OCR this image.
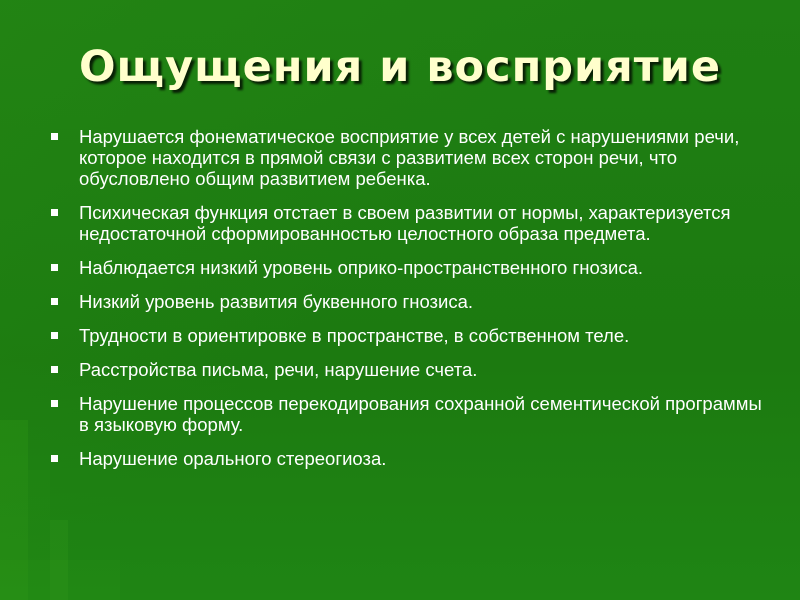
Ощущения и восприятие
Нарушается фонематическое восприятие у всех детей с нарушениями речи, которое находится в прямой связи с развитием всех сторон речи, что обусловлено общим развитием ребенка.
Психическая функция отстает в своем развитии от нормы, характеризуется недостаточной сформированностью целостного образа предмета.
Наблюдается низкий уровень оприко-пространственного гнозиса.
Низкий уровень развития буквенного гнозиса.
Трудности в ориентировке в пространстве, в собственном теле.
Расстройства письма, речи, нарушение счета.
Нарушение процессов перекодирования сохранной сементической программы в языковую форму.
Нарушение орального стереогиоза.
